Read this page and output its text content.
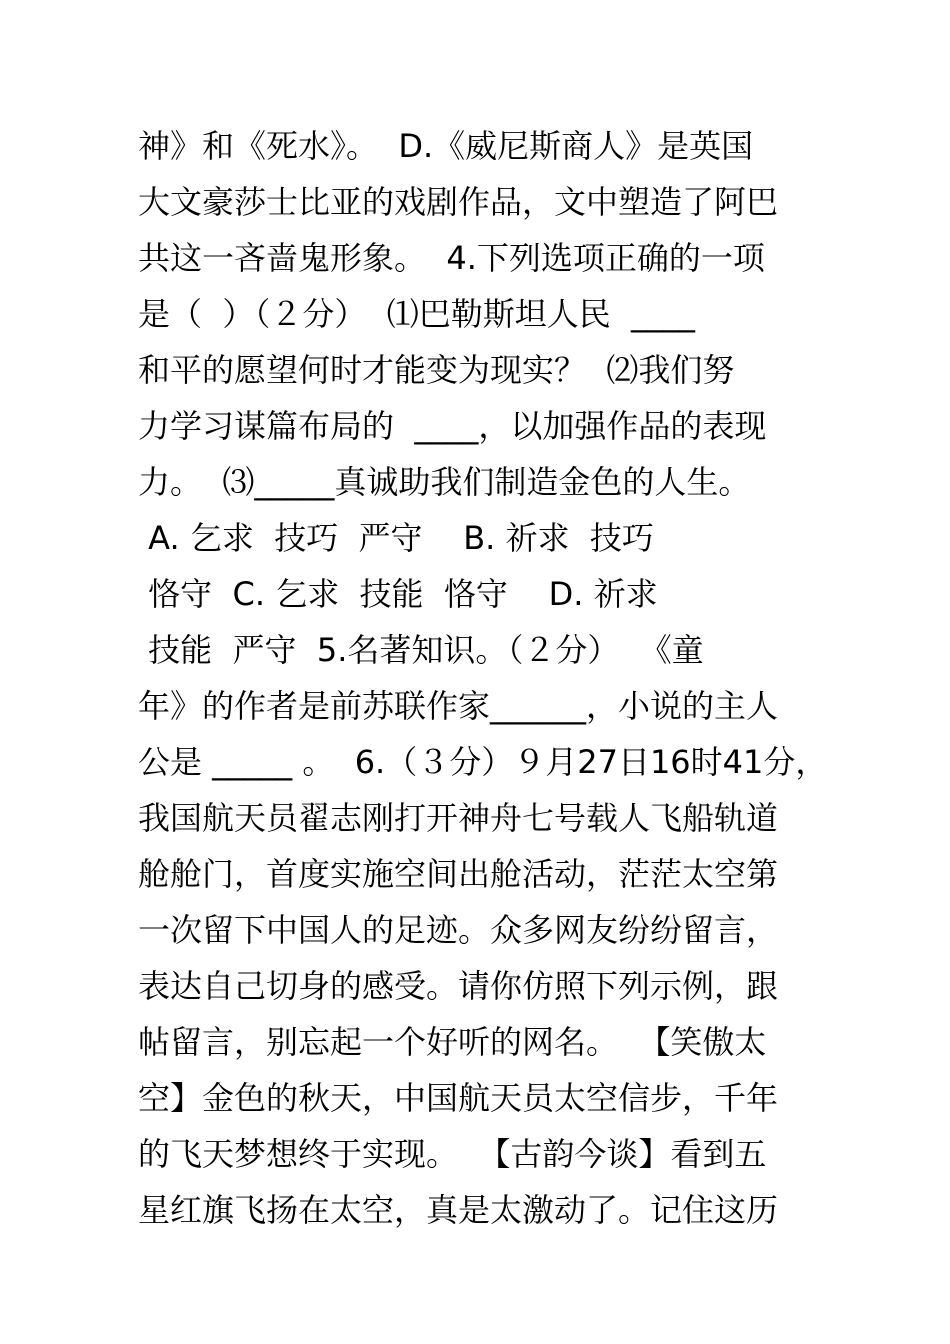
神》和《死水》。  D.《威尼斯商人》是英国
大文豪莎士比亚的戏剧作品，文中塑造了阿巴
共这一吝啬鬼形象。  4.下列选项正确的一项
是（  ）（２分）  ⑴巴勒斯坦人民  ____
和平的愿望何时才能变为现实？  ⑵我们努
力学习谋篇布局的  ____，以加强作品的表现
力。  ⑶_____真诚助我们制造金色的人生。
A. 乞求  技巧  严守    B. 祈求  技巧
恪守  C. 乞求  技能  恪守    D. 祈求
技能  严守  5.名著知识。（２分）  《童
年》的作者是前苏联作家______，小说的主人
公是 _____ 。  6.（３分）９月27日16时41分，
我国航天员翟志刚打开神舟七号载人飞船轨道
舱舱门，首度实施空间出舱活动，茫茫太空第
一次留下中国人的足迹。众多网友纷纷留言，
表达自己切身的感受。请你仿照下列示例，跟
帖留言，别忘起一个好听的网名。  【笑傲太
空】金色的秋天，中国航天员太空信步，千年
的飞天梦想终于实现。  【古韵今谈】看到五
星红旗飞扬在太空，真是太激动了。记住这历
